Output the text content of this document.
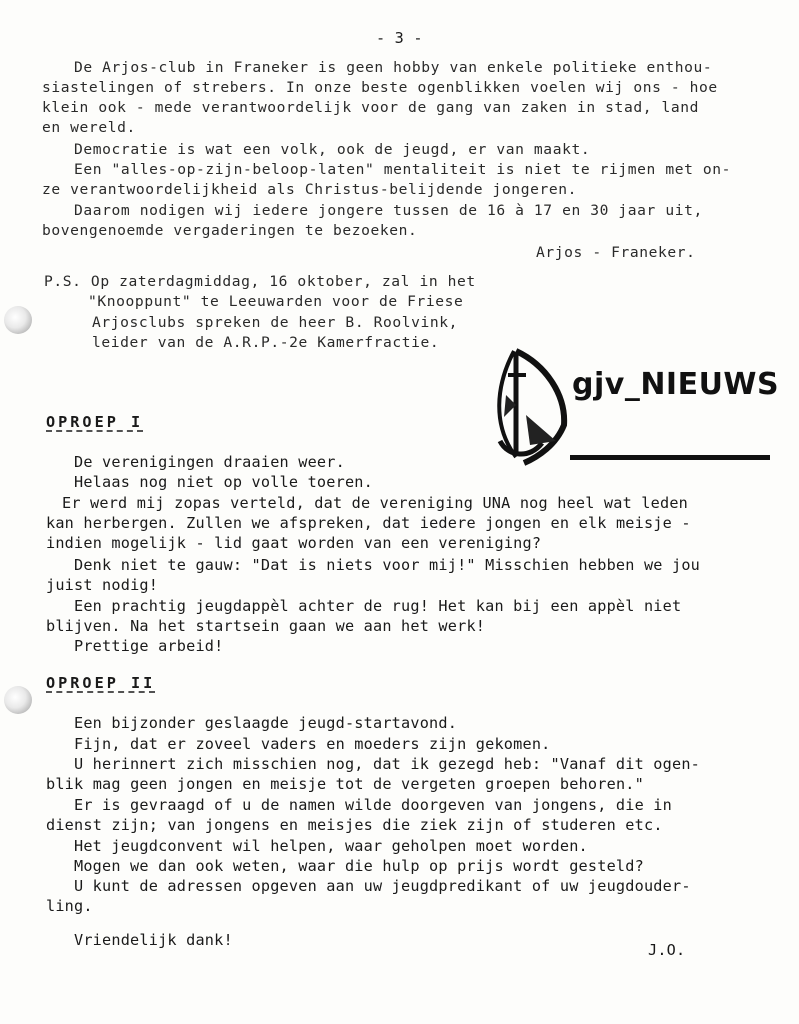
- 3 -
De Arjos-club in Franeker is geen hobby van enkele politieke enthou-
siastelingen of strebers. In onze beste ogenblikken voelen wij ons - hoe
klein ook - mede verantwoordelijk voor de gang van zaken in stad, land
en wereld.
Democratie is wat een volk, ook de jeugd, er van maakt.
Een "alles-op-zijn-beloop-laten" mentaliteit is niet te rijmen met on-
ze verantwoordelijkheid als Christus-belijdende jongeren.
Daarom nodigen wij iedere jongere tussen de 16 à 17 en 30 jaar uit,
bovengenoemde vergaderingen te bezoeken.
Arjos - Franeker.
P.S. Op zaterdagmiddag, 16 oktober, zal in het
"Knooppunt" te Leeuwarden voor de Friese
Arjosclubs spreken de heer B. Roolvink,
leider van de A.R.P.-2e Kamerfractie.
gjv_NIEUWS
OPROEP I
De verenigingen draaien weer.
Helaas nog niet op volle toeren.
Er werd mij zopas verteld, dat de vereniging UNA nog heel wat leden
kan herbergen. Zullen we afspreken, dat iedere jongen en elk meisje -
indien mogelijk - lid gaat worden van een vereniging?
Denk niet te gauw: "Dat is niets voor mij!" Misschien hebben we jou
juist nodig!
Een prachtig jeugdappèl achter de rug! Het kan bij een appèl niet
blijven. Na het startsein gaan we aan het werk!
Prettige arbeid!
OPROEP II
Een bijzonder geslaagde jeugd-startavond.
Fijn, dat er zoveel vaders en moeders zijn gekomen.
U herinnert zich misschien nog, dat ik gezegd heb: "Vanaf dit ogen-
blik mag geen jongen en meisje tot de vergeten groepen behoren."
Er is gevraagd of u de namen wilde doorgeven van jongens, die in
dienst zijn; van jongens en meisjes die ziek zijn of studeren etc.
Het jeugdconvent wil helpen, waar geholpen moet worden.
Mogen we dan ook weten, waar die hulp op prijs wordt gesteld?
U kunt de adressen opgeven aan uw jeugdpredikant of uw jeugdouder-
ling.
Vriendelijk dank!
J.O.
